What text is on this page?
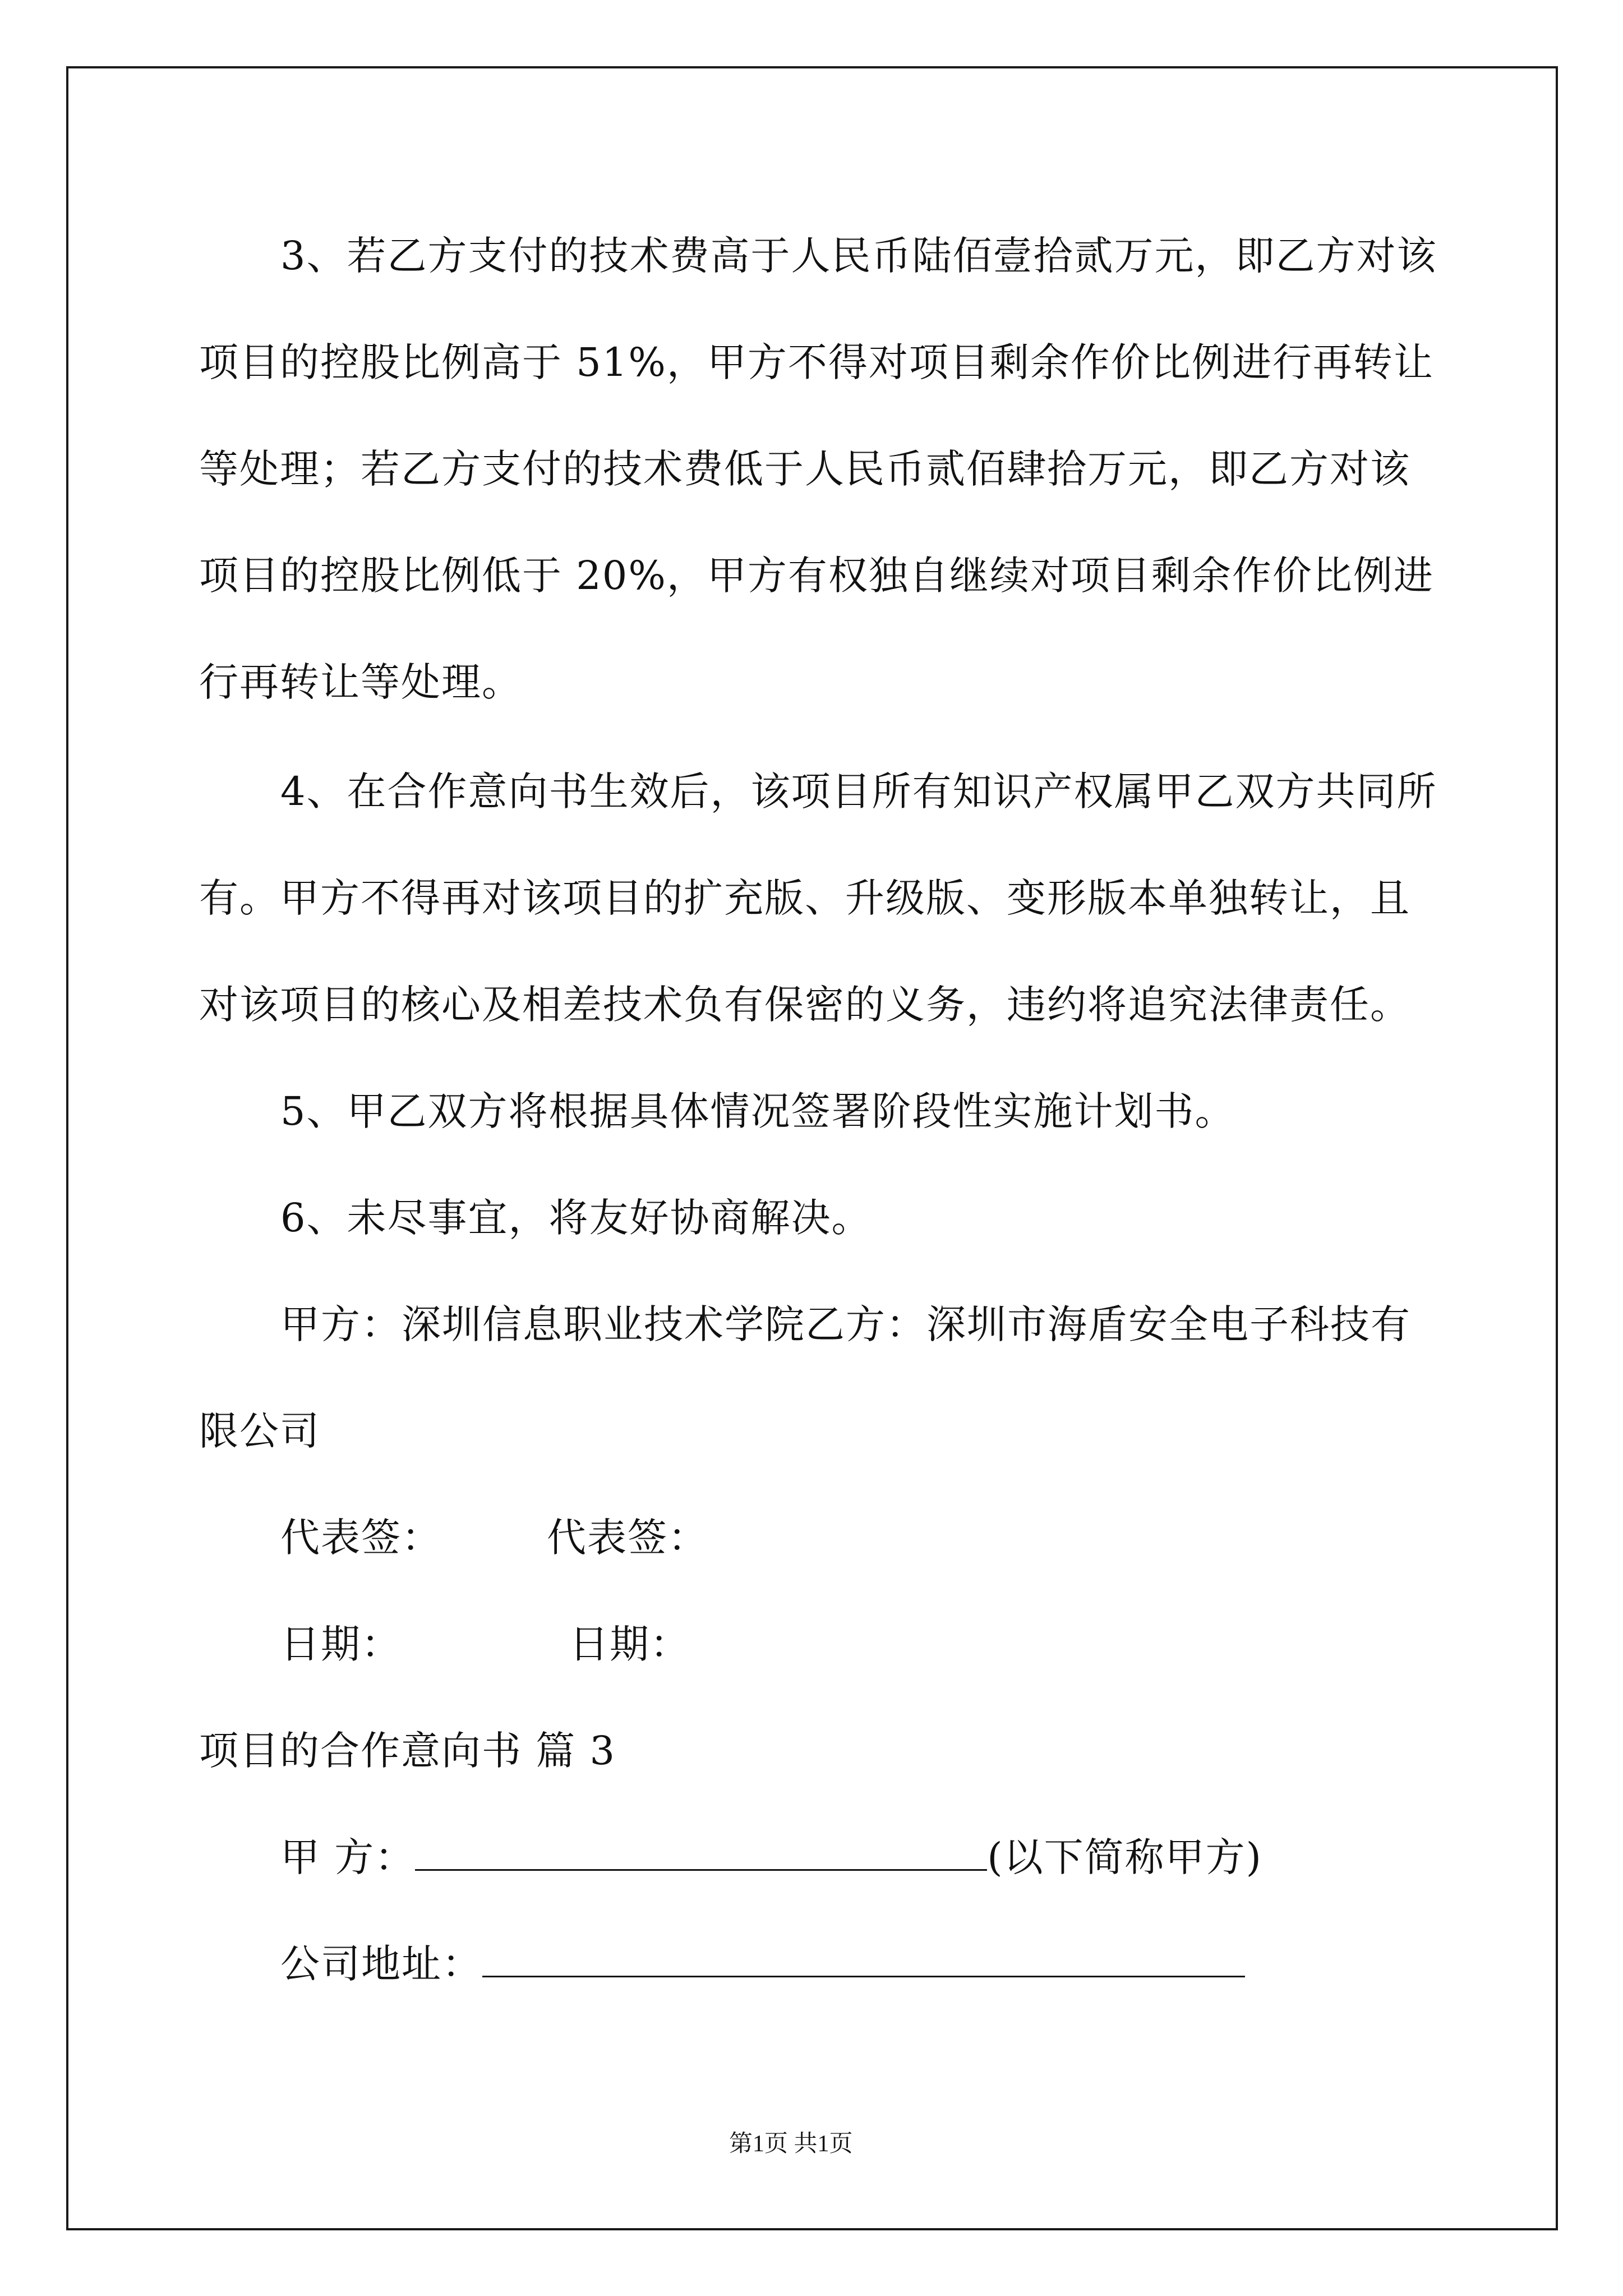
3、若乙方支付的技术费高于人民币陆佰壹拾贰万元，即乙方对该
项目的控股比例高于 51%，甲方不得对项目剩余作价比例进行再转让
等处理；若乙方支付的技术费低于人民币贰佰肆拾万元，即乙方对该
项目的控股比例低于 20%，甲方有权独自继续对项目剩余作价比例进
行再转让等处理。
4、在合作意向书生效后，该项目所有知识产权属甲乙双方共同所
有。甲方不得再对该项目的扩充版、升级版、变形版本单独转让，且
对该项目的核心及相差技术负有保密的义务，违约将追究法律责任。
5、甲乙双方将根据具体情况签署阶段性实施计划书。
6、未尽事宜，将友好协商解决。
甲方：深圳信息职业技术学院乙方：深圳市海盾安全电子科技有
限公司
代表签：	代表签：
日期：	日期：
项目的合作意向书 篇 3
甲 方：	(以下简称甲方)
公司地址：
第1页 共1页
